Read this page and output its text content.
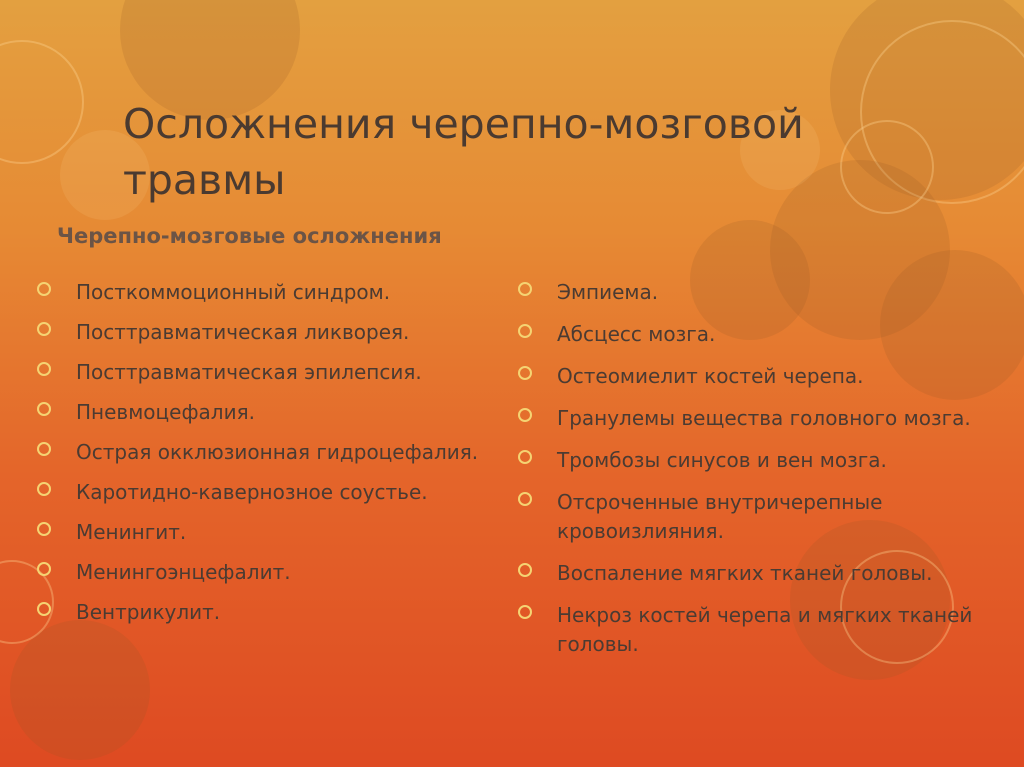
Осложнения черепно-мозговой травмы
Черепно-мозговые осложнения
Посткоммоционный синдром.
Посттравматическая ликворея.
Посттравматическая эпилепсия.
Пневмоцефалия.
Острая окклюзионная гидроцефалия.
Каротидно-кавернозное соустье.
Менингит.
Менингоэнцефалит.
Вентрикулит.
Эмпиема.
Абсцесс мозга.
Остеомиелит костей черепа.
Гранулемы вещества головного мозга.
Тромбозы синусов и вен мозга.
Отсроченные внутричерепные кровоизлияния.
Воспаление мягких тканей головы.
Некроз костей черепа и мягких тканей головы.
